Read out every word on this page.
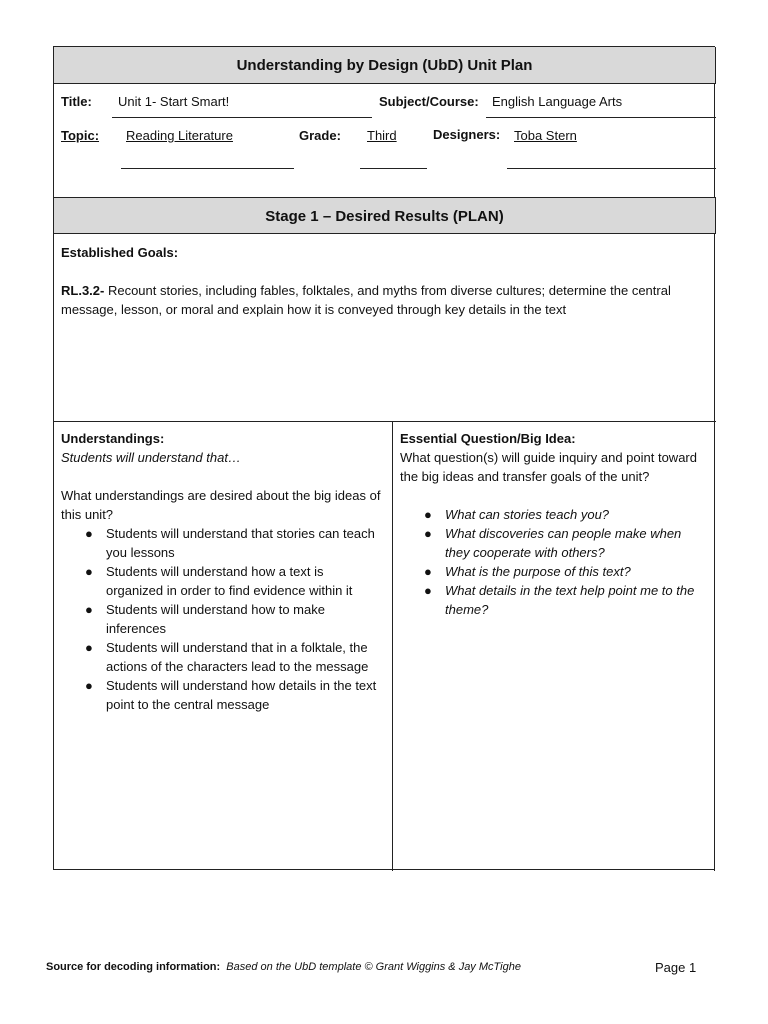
Understanding by Design (UbD) Unit Plan
Title: Unit 1- Start Smart!	Subject/Course: English Language Arts
Topic: Reading Literature	Grade: Third	Designers: Toba Stern
Stage 1 – Desired Results (PLAN)

Established Goals:

RL.3.2- Recount stories, including fables, folktales, and myths from diverse cultures; determine the central message, lesson, or moral and explain how it is conveyed through key details in the text

Understandings:

Students will understand that…

What understandings are desired about the big ideas of this unit?

● Students will understand that stories can teach you lessons
● Students will understand how a text is organized in order to find evidence within it
● Students will understand how to make inferences
● Students will understand that in a folktale, the actions of the characters lead to the message
● Students will understand how details in the text point to the central message

Essential Question/Big Idea:

What question(s) will guide inquiry and point toward the big ideas and transfer goals of the unit?

● What can stories teach you?
● What discoveries can people make when they cooperate with others?
● What is the purpose of this text?
● What details in the text help point me to the theme?
Source for decoding information: Based on the UbD template © Grant Wiggins & Jay McTighe	Page 1
